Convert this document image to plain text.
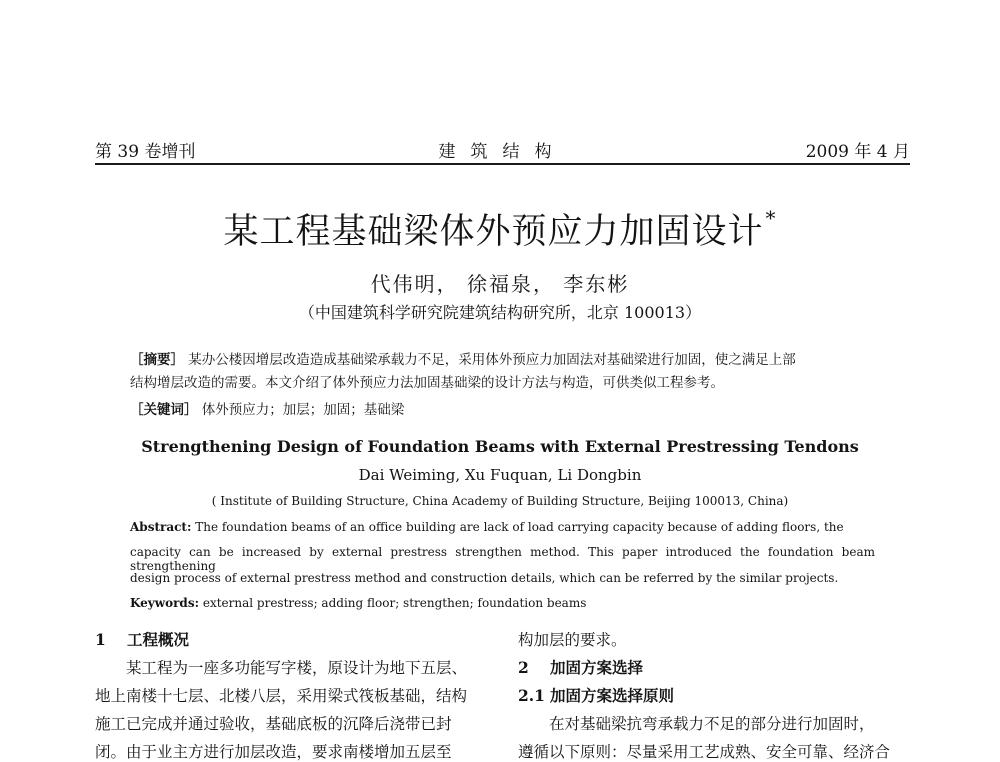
第 39 卷增刊	建筑结构	2009 年 4 月
某工程基础梁体外预应力加固设计 *
代伟明， 徐福泉， 李东彬
（中国建筑科学研究院建筑结构研究所，北京 100013）
［摘要］ 某办公楼因增层改造造成基础梁承载力不足，采用体外预应力加固法对基础梁进行加固，使之满足上部
结构增层改造的需要。本文介绍了体外预应力法加固基础梁的设计方法与构造，可供类似工程参考。
［关键词］ 体外预应力；加层；加固；基础梁
Strengthening Design of Foundation Beams with External Prestressing Tendons
Dai Weiming, Xu Fuquan, Li Dongbin
( Institute of Building Structure, China Academy of Building Structure, Beijing 100013, China)
Abstract: The foundation beams of an office building are lack of load carrying capacity because of adding floors, the
capacity can be increased by external prestress strengthen method. This paper introduced the foundation beam strengthening
design process of external prestress method and construction details, which can be referred by the similar projects.
Keywords: external prestress; adding floor; strengthen; foundation beams
1 工程概况
某工程为一座多功能写字楼，原设计为地下五层、
地上南楼十七层、北楼八层，采用梁式筏板基础，结构
施工已完成并通过验收，基础底板的沉降后浇带已封
闭。由于业主方进行加层改造，要求南楼增加五层至
构加层的要求。
2 加固方案选择
2.1 加固方案选择原则
在对基础梁抗弯承载力不足的部分进行加固时，
遵循以下原则：尽量采用工艺成熟、安全可靠、经济合
